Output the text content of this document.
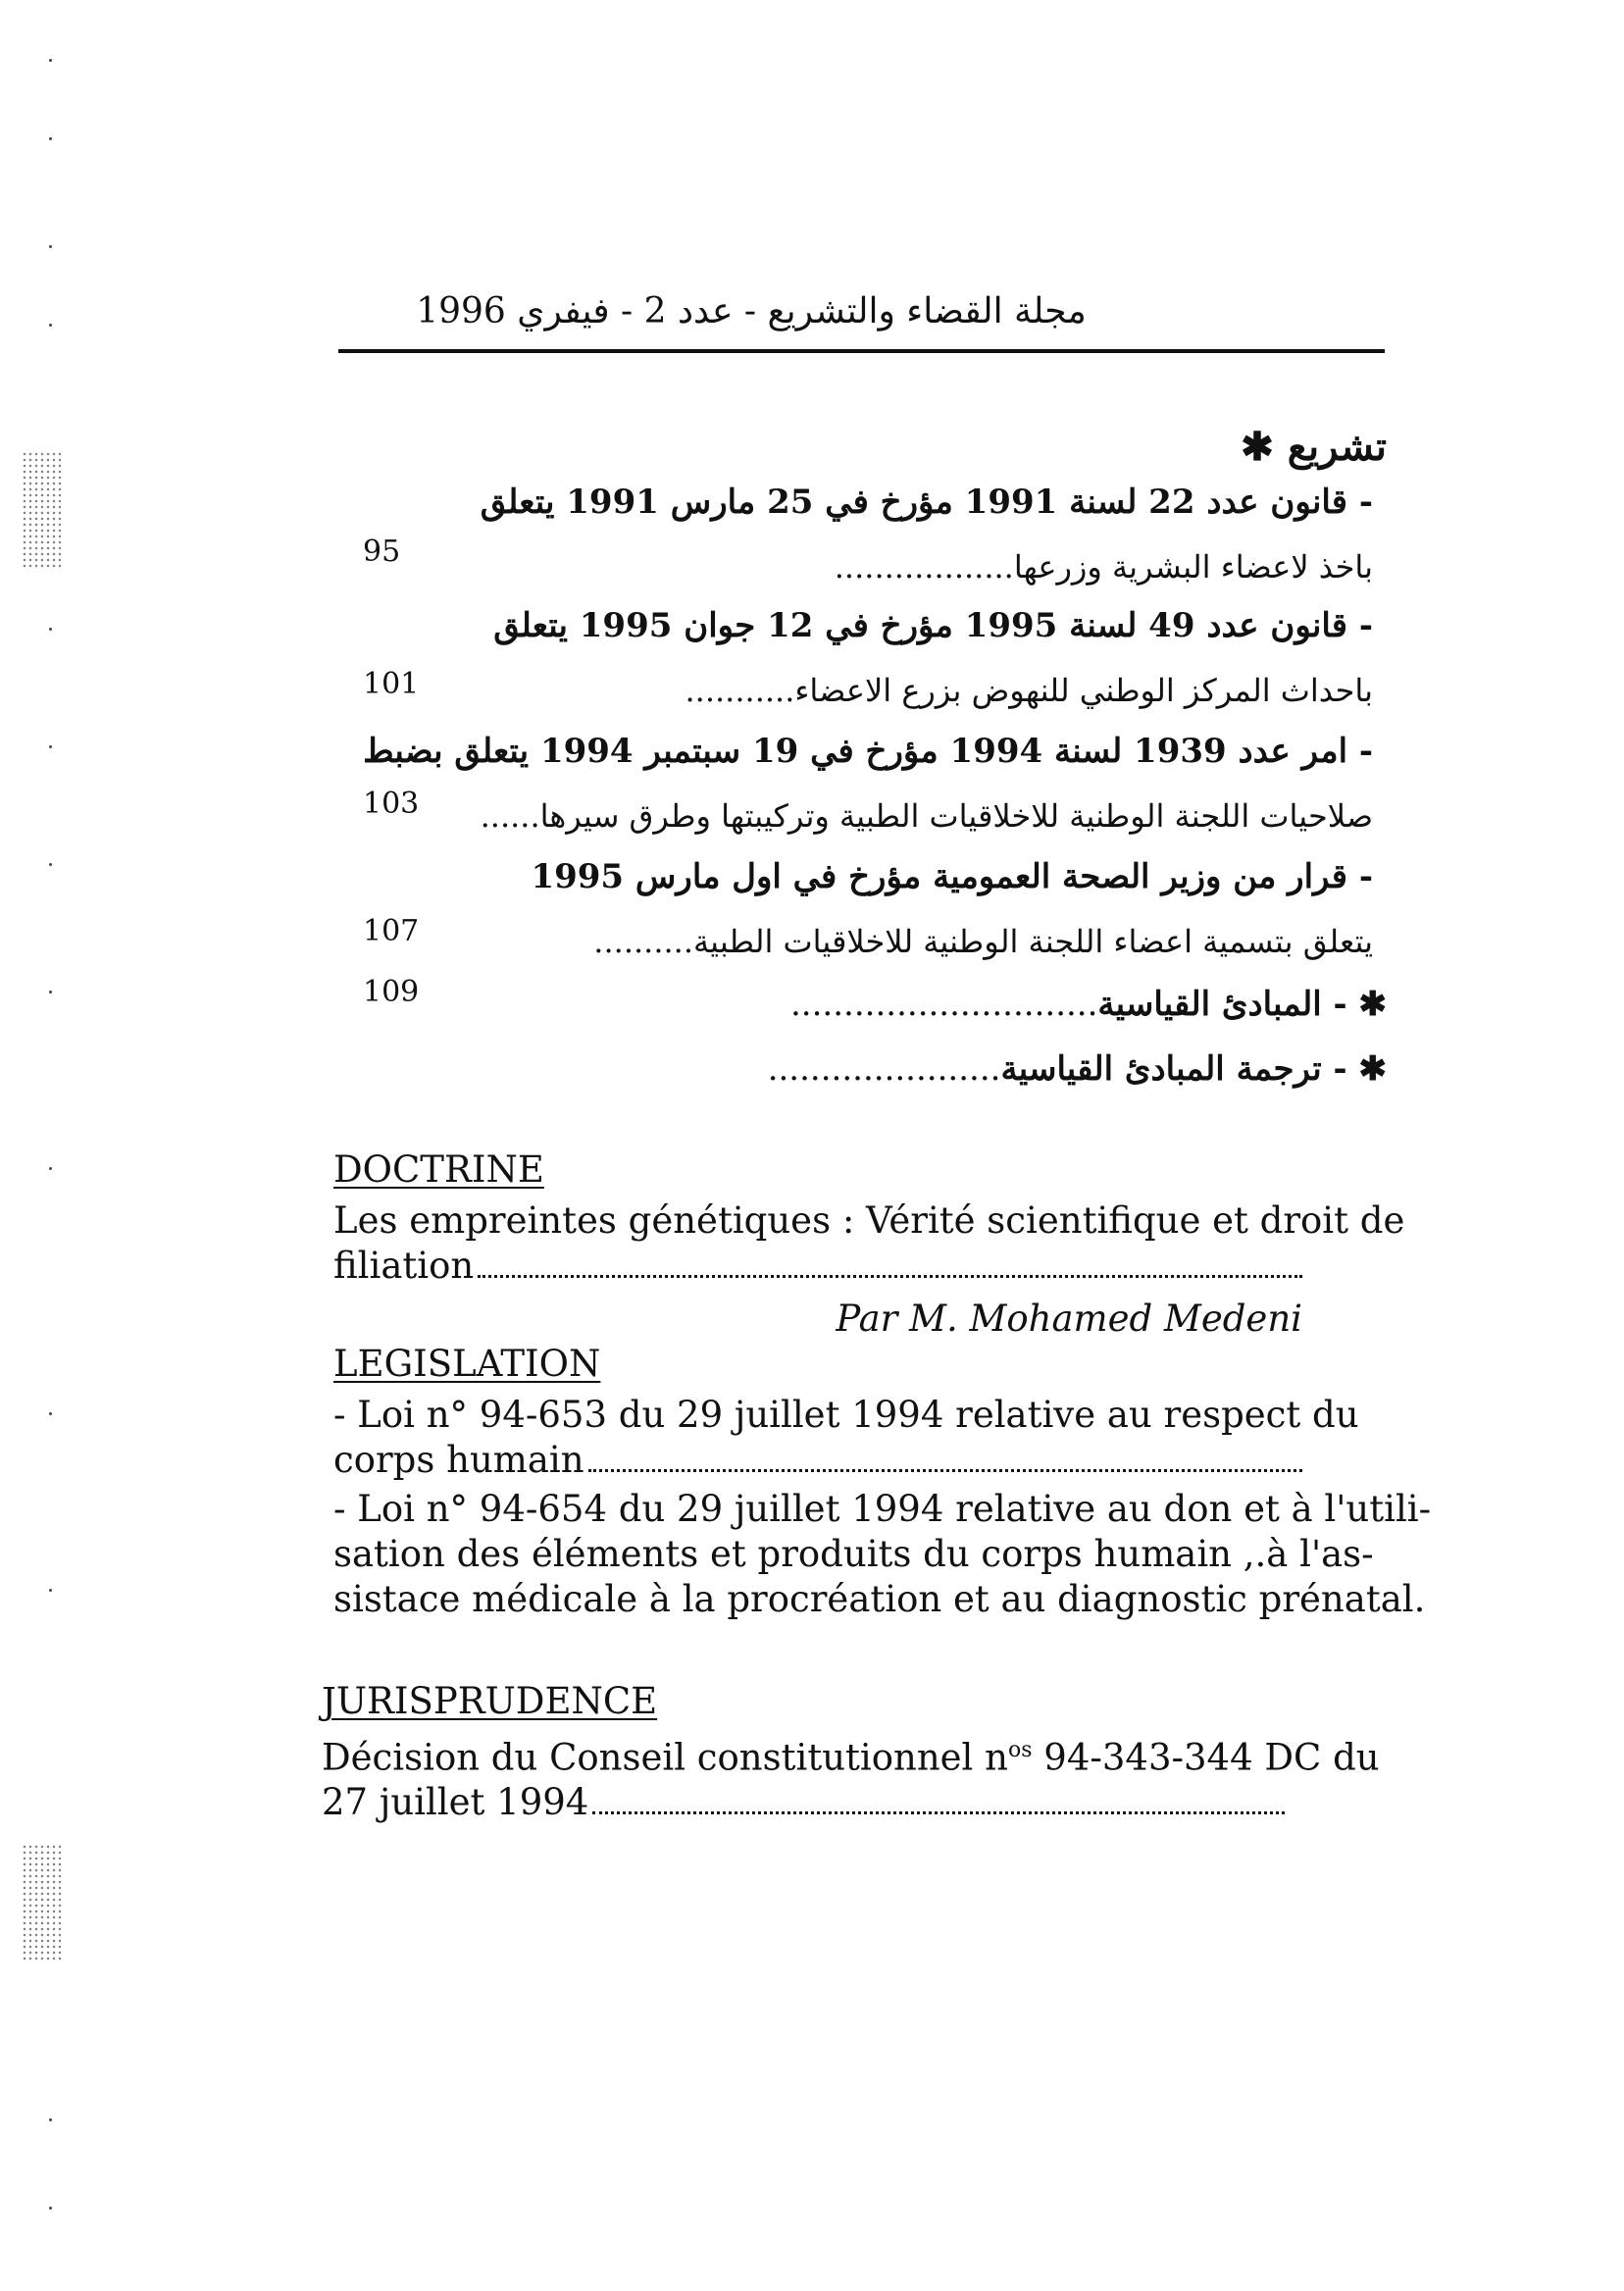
مجلة القضاء والتشريع - عدد 2 - فيفري 1996
تشريع ✱
- قانون عدد 22 لسنة 1991 مؤرخ في 25 مارس 1991 يتعلق
باخذ لاعضاء البشرية وزرعها..................
95
- قانون عدد 49 لسنة 1995 مؤرخ في 12 جوان 1995 يتعلق
باحداث المركز الوطني للنهوض بزرع الاعضاء...........
101
- امر عدد 1939 لسنة 1994 مؤرخ في 19 سبتمبر 1994 يتعلق بضبط
صلاحيات اللجنة الوطنية للاخلاقيات الطبية وتركيبتها وطرق سيرها......
103
- قرار من وزير الصحة العمومية مؤرخ في اول مارس 1995
يتعلق بتسمية اعضاء اللجنة الوطنية للاخلاقيات الطبية..........
107
✱ - المبادئ القياسية.............................
109
✱ - ترجمة المبادئ القياسية......................
DOCTRINE
Les empreintes génétiques : Vérité scientifique et droit de
filiation
Par M. Mohamed Medeni
LEGISLATION
- Loi n° 94-653 du 29 juillet 1994 relative au respect du
corps humain
- Loi n° 94-654 du 29 juillet 1994 relative au don et à l'utili-
sation des éléments et produits du corps humain ,.à l'as-
sistace médicale à la procréation et au diagnostic prénatal.
JURISPRUDENCE
Décision du Conseil constitutionnel $n^{os}$ 94-343-344 DC du
27 juillet 1994
